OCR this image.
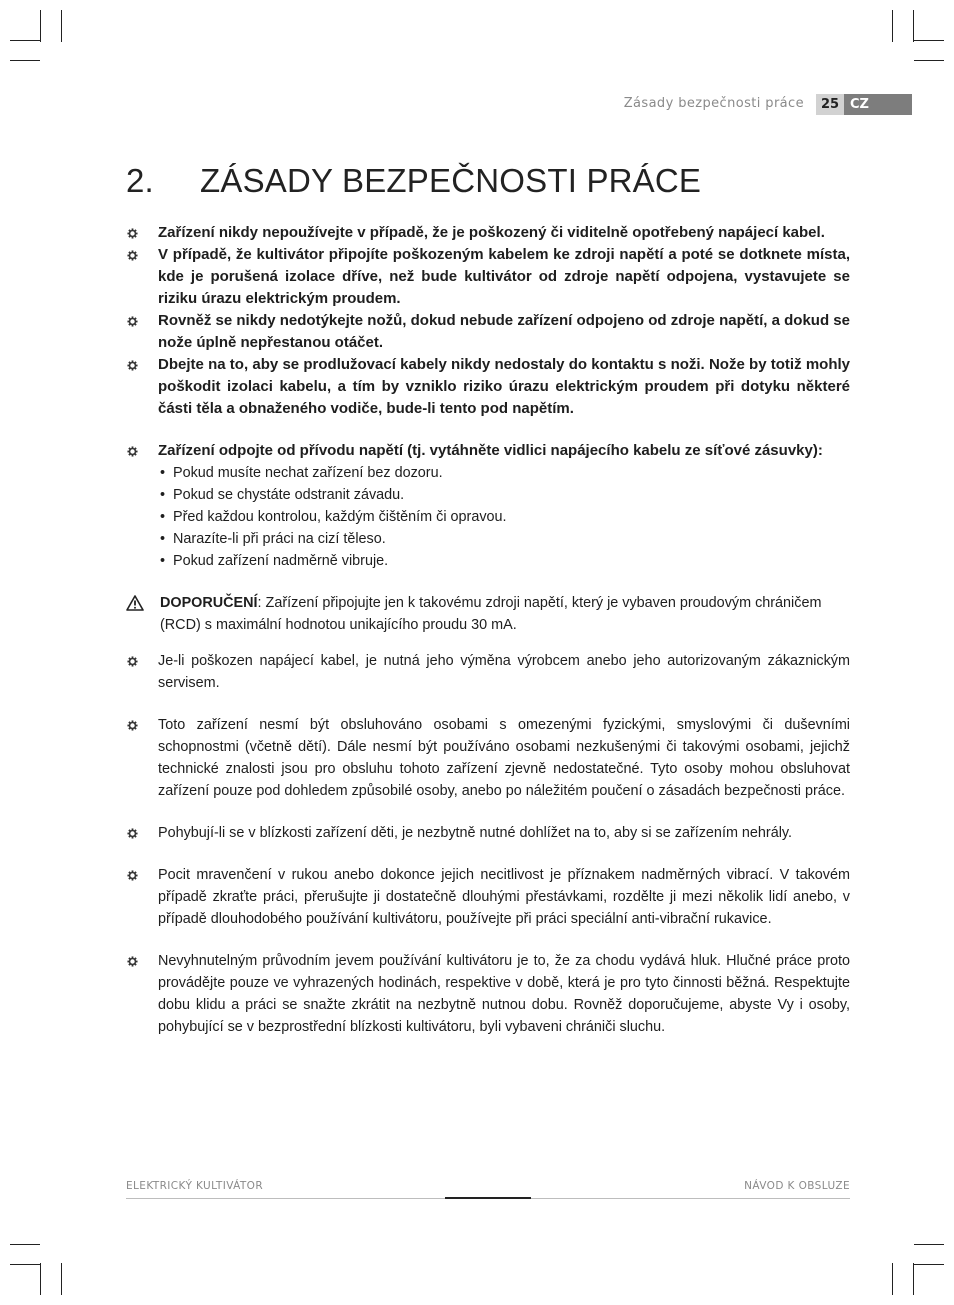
Zásady bezpečnosti práce	25 CZ
2. ZÁSADY BEZPEČNOSTI PRÁCE
Zařízení nikdy nepoužívejte v případě, že je poškozený či viditelně opotřebený napájecí kabel.
V případě, že kultivátor připojíte poškozeným kabelem ke zdroji napětí a poté se dotknete místa, kde je porušená izolace dříve, než bude kultivátor od zdroje napětí odpojena, vystavujete se riziku úrazu elektrickým proudem.
Rovněž se nikdy nedotýkejte nožů, dokud nebude zařízení odpojeno od zdroje napětí, a dokud se nože úplně nepřestanou otáčet.
Dbejte na to, aby se prodlužovací kabely nikdy nedostaly do kontaktu s noži. Nože by totiž mohly poškodit izolaci kabelu, a tím by vzniklo riziko úrazu elektrickým proudem při dotyku některé části těla a obnaženého vodiče, bude-li tento pod napětím.
Zařízení odpojte od přívodu napětí (tj. vytáhněte vidlici napájecího kabelu ze síťové zásuvky):
• Pokud musíte nechat zařízení bez dozoru.
• Pokud se chystáte odstranit závadu.
• Před každou kontrolou, každým čištěním či opravou.
• Narazíte-li při práci na cizí těleso.
• Pokud zařízení nadměrně vibruje.
DOPORUČENÍ: Zařízení připojujte jen k takovému zdroji napětí, který je vybaven proudovým chráničem (RCD) s maximální hodnotou unikajícího proudu 30 mA.
Je-li poškozen napájecí kabel, je nutná jeho výměna výrobcem anebo jeho autorizovaným zákaznickým servisem.
Toto zařízení nesmí být obsluhováno osobami s omezenými fyzickými, smyslovými či duševními schopnostmi (včetně dětí). Dále nesmí být používáno osobami nezkušenými či takovými osobami, jejichž technické znalosti jsou pro obsluhu tohoto zařízení zjevně nedostatečné. Tyto osoby mohou obsluhovat zařízení pouze pod dohledem způsobilé osoby, anebo po náležitém poučení o zásadách bezpečnosti práce.
Pohybují-li se v blízkosti zařízení děti, je nezbytně nutné dohlížet na to, aby si se zařízením nehrály.
Pocit mravenčení v rukou anebo dokonce jejich necitlivost je příznakem nadměrných vibrací. V takovém případě zkraťte práci, přerušujte ji dostatečně dlouhými přestávkami, rozdělte ji mezi několik lidí anebo, v případě dlouhodobého používání kultivátoru, používejte při práci speciální anti-vibrační rukavice.
Nevyhnutelným průvodním jevem používání kultivátoru je to, že za chodu vydává hluk. Hlučné práce proto provádějte pouze ve vyhrazených hodinách, respektive v době, která je pro tyto činnosti běžná. Respektujte dobu klidu a práci se snažte zkrátit na nezbytně nutnou dobu. Rovněž doporučujeme, abyste Vy i osoby, pohybující se v bezprostřední blízkosti kultivátoru, byli vybaveni chrániči sluchu.
ELEKTRICKÝ KULTIVÁTOR	NÁVOD K OBSLUZE
